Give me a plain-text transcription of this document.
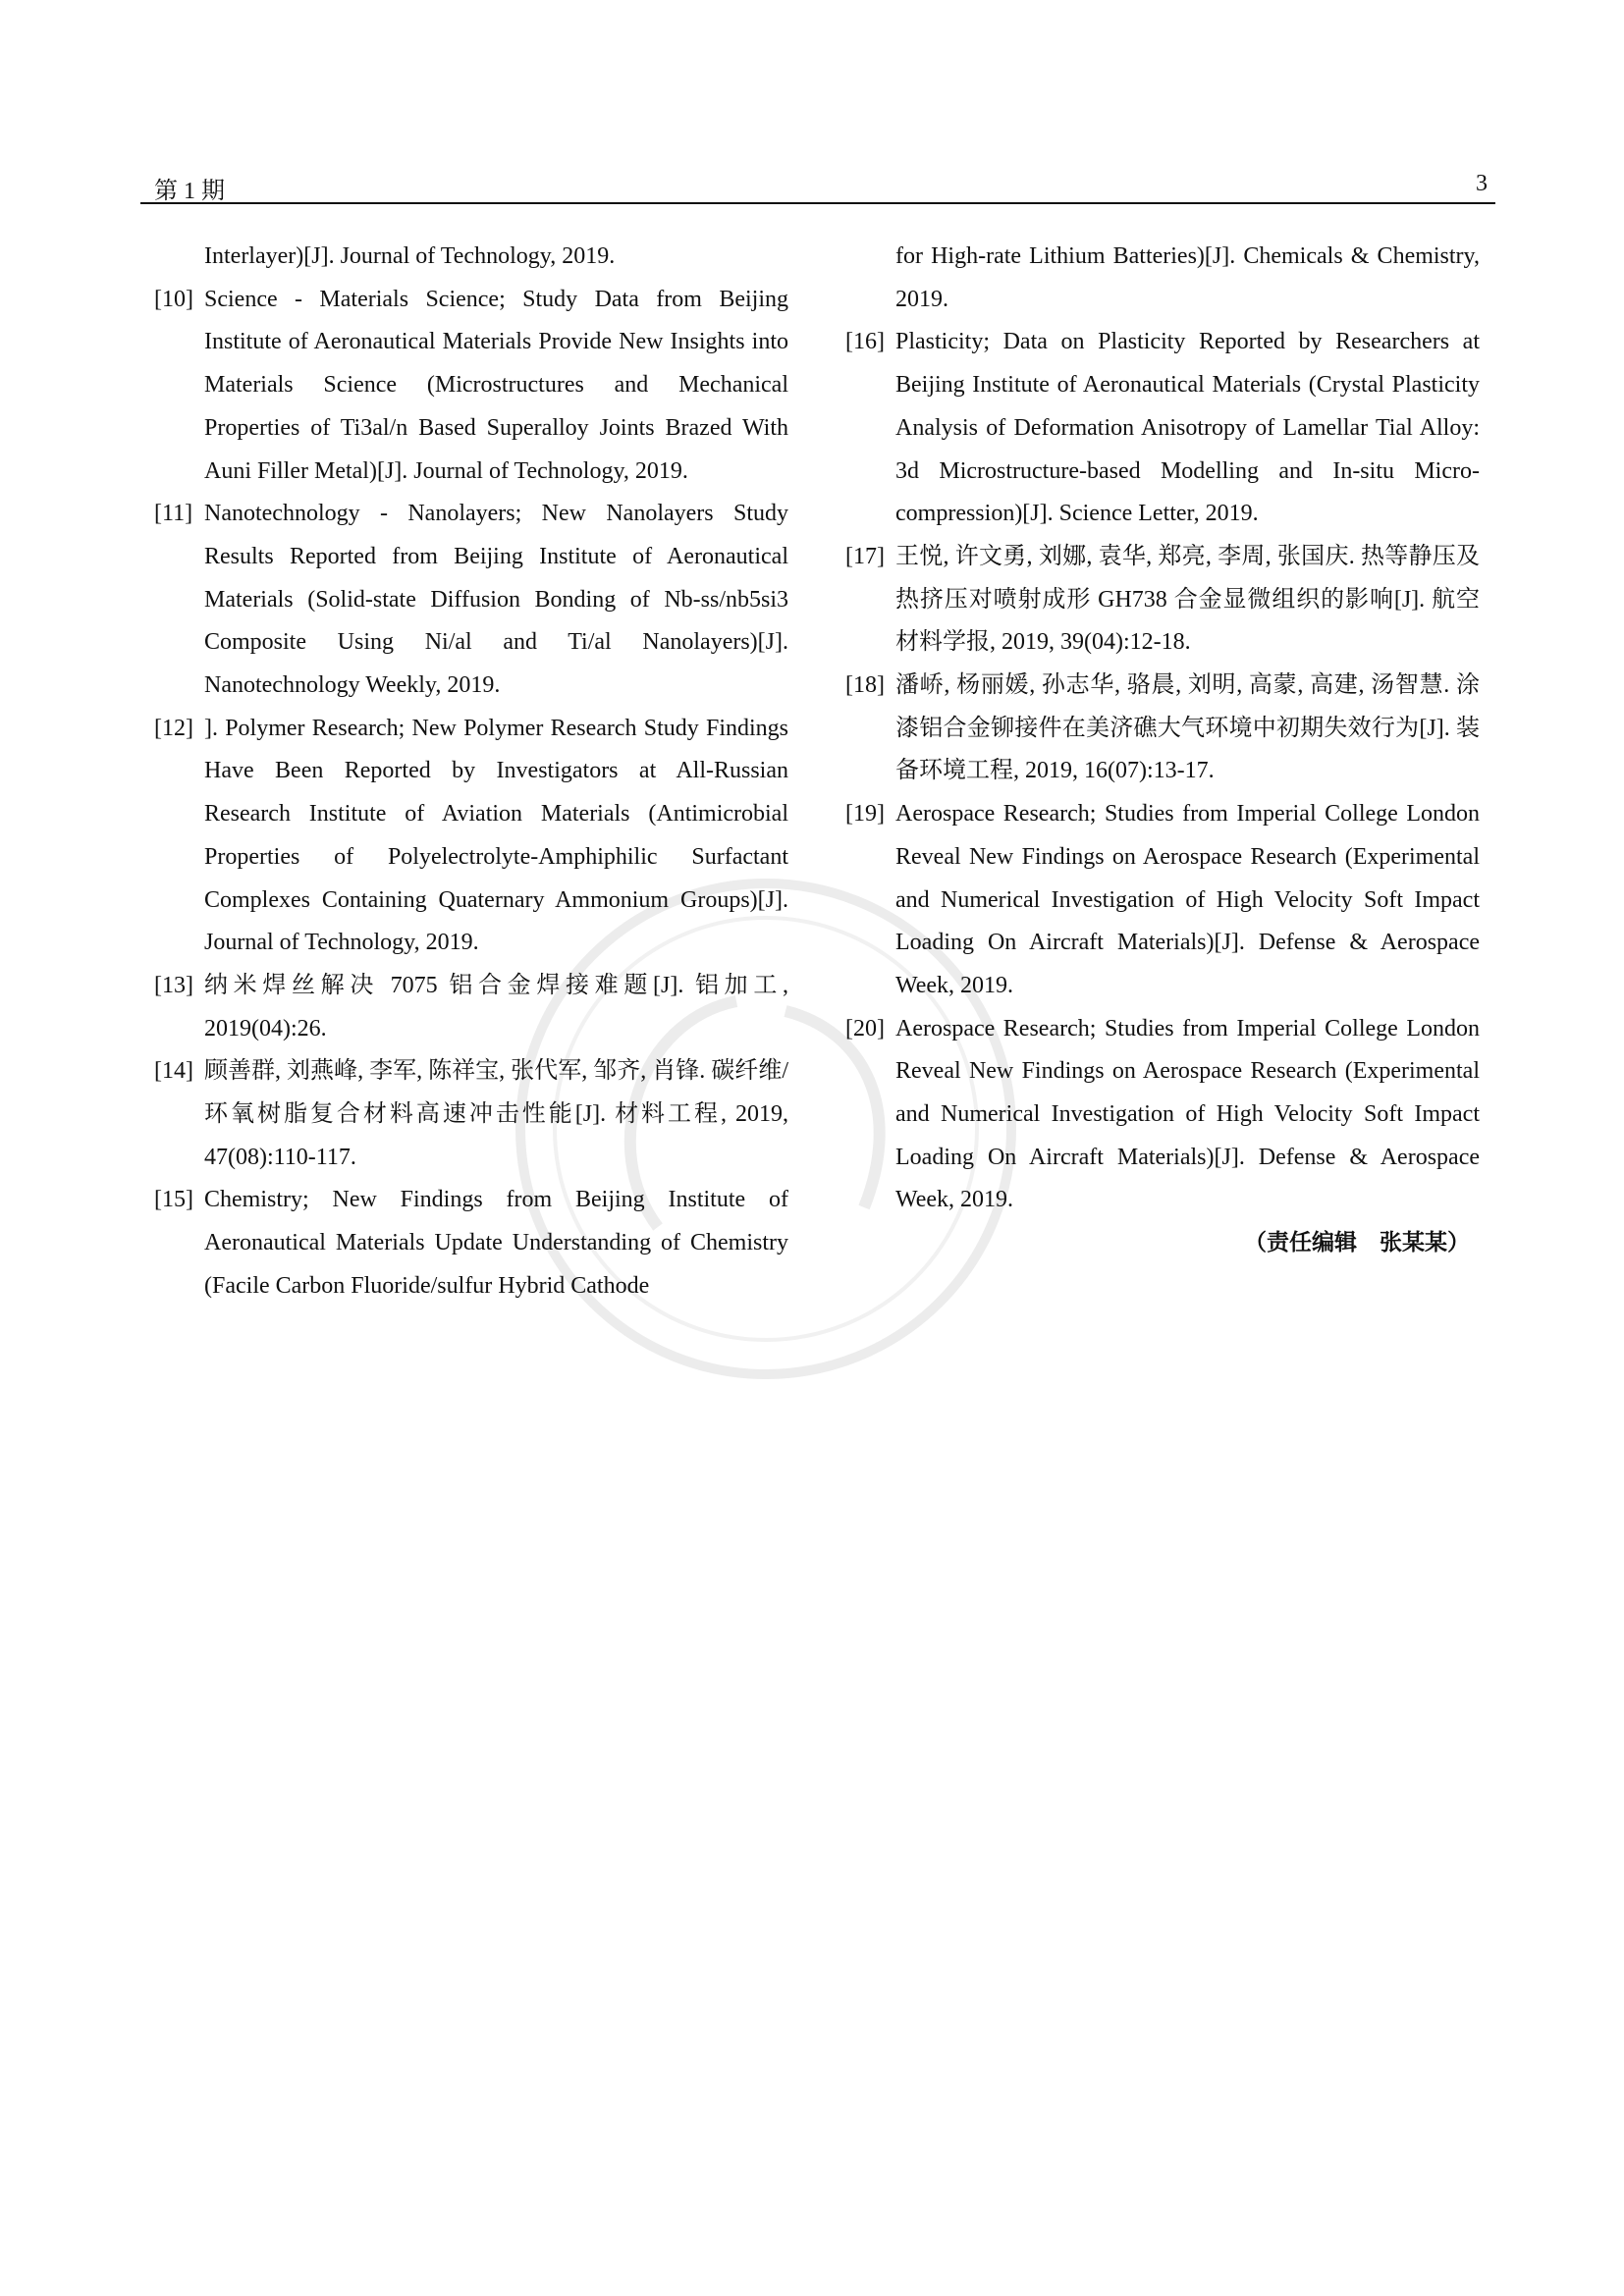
第 1 期	3
Interlayer)[J]. Journal of Technology, 2019.
[10] Science - Materials Science; Study Data from Beijing Institute of Aeronautical Materials Provide New Insights into Materials Science (Microstructures and Mechanical Properties of Ti3al/n Based Superalloy Joints Brazed With Auni Filler Metal)[J]. Journal of Technology, 2019.
[11] Nanotechnology - Nanolayers; New Nanolayers Study Results Reported from Beijing Institute of Aeronautical Materials (Solid-state Diffusion Bonding of Nb-ss/nb5si3 Composite Using Ni/al and Ti/al Nanolayers)[J]. Nanotechnology Weekly, 2019.
[12] ]. Polymer Research; New Polymer Research Study Findings Have Been Reported by Investigators at All-Russian Research Institute of Aviation Materials (Antimicrobial Properties of Polyelectrolyte-Amphiphilic Surfactant Complexes Containing Quaternary Ammonium Groups)[J]. Journal of Technology, 2019.
[13] 纳米焊丝解决 7075 铝合金焊接难题[J]. 铝加工, 2019(04):26.
[14] 顾善群, 刘燕峰, 李军, 陈祥宝, 张代军, 邹齐, 肖锋. 碳纤维/环氧树脂复合材料高速冲击性能[J]. 材料工程, 2019, 47(08):110-117.
[15] Chemistry; New Findings from Beijing Institute of Aeronautical Materials Update Understanding of Chemistry (Facile Carbon Fluoride/sulfur Hybrid Cathode
for High-rate Lithium Batteries)[J]. Chemicals & Chemistry, 2019.
[16] Plasticity; Data on Plasticity Reported by Researchers at Beijing Institute of Aeronautical Materials (Crystal Plasticity Analysis of Deformation Anisotropy of Lamellar Tial Alloy: 3d Microstructure-based Modelling and In-situ Micro-compression)[J]. Science Letter, 2019.
[17] 王悦, 许文勇, 刘娜, 袁华, 郑亮, 李周, 张国庆. 热等静压及热挤压对喷射成形 GH738 合金显微组织的影响[J]. 航空材料学报, 2019, 39(04):12-18.
[18] 潘峤, 杨丽媛, 孙志华, 骆晨, 刘明, 高蒙, 高建, 汤智慧. 涂漆铝合金铆接件在美济礁大气环境中初期失效行为[J]. 装备环境工程, 2019, 16(07):13-17.
[19] Aerospace Research; Studies from Imperial College London Reveal New Findings on Aerospace Research (Experimental and Numerical Investigation of High Velocity Soft Impact Loading On Aircraft Materials)[J]. Defense & Aerospace Week, 2019.
[20] Aerospace Research; Studies from Imperial College London Reveal New Findings on Aerospace Research (Experimental and Numerical Investigation of High Velocity Soft Impact Loading On Aircraft Materials)[J]. Defense & Aerospace Week, 2019.
（责任编辑　张某某）
